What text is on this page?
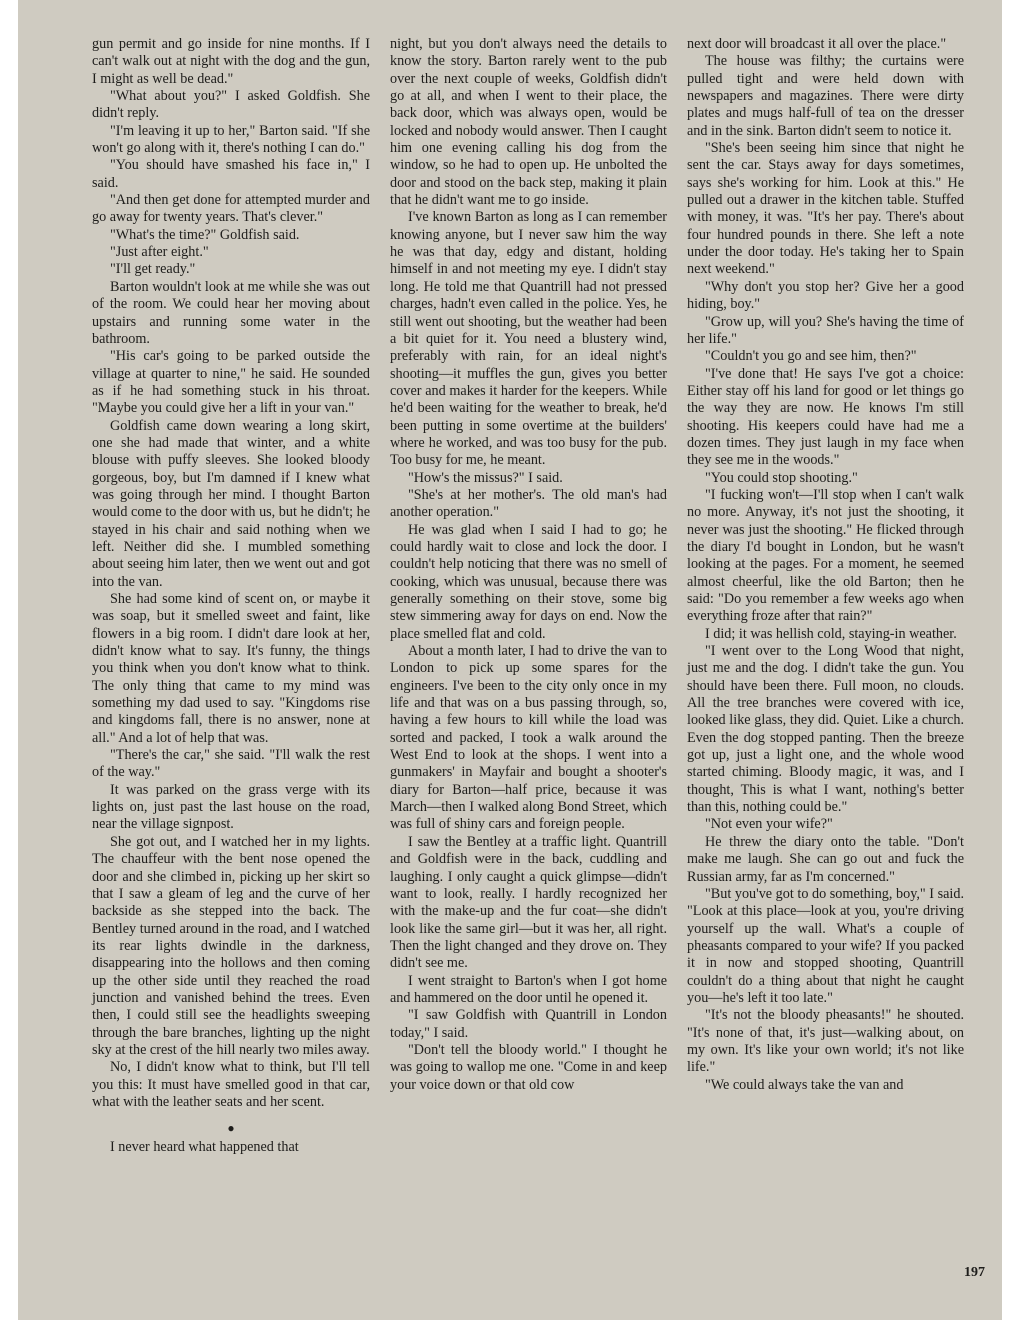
gun permit and go inside for nine months. If I can't walk out at night with the dog and the gun, I might as well be dead."

"What about you?" I asked Goldfish. She didn't reply.

"I'm leaving it up to her," Barton said. "If she won't go along with it, there's nothing I can do."

"You should have smashed his face in," I said.

"And then get done for attempted murder and go away for twenty years. That's clever."

"What's the time?" Goldfish said.

"Just after eight."

"I'll get ready."

Barton wouldn't look at me while she was out of the room. We could hear her moving about upstairs and running some water in the bathroom.

"His car's going to be parked outside the village at quarter to nine," he said. He sounded as if he had something stuck in his throat. "Maybe you could give her a lift in your van."

Goldfish came down wearing a long skirt, one she had made that winter, and a white blouse with puffy sleeves. She looked bloody gorgeous, boy, but I'm damned if I knew what was going through her mind. I thought Barton would come to the door with us, but he didn't; he stayed in his chair and said nothing when we left. Neither did she. I mumbled something about seeing him later, then we went out and got into the van.

She had some kind of scent on, or maybe it was soap, but it smelled sweet and faint, like flowers in a big room. I didn't dare look at her, didn't know what to say. It's funny, the things you think when you don't know what to think. The only thing that came to my mind was something my dad used to say. "Kingdoms rise and kingdoms fall, there is no answer, none at all." And a lot of help that was.

"There's the car," she said. "I'll walk the rest of the way."

It was parked on the grass verge with its lights on, just past the last house on the road, near the village signpost.

She got out, and I watched her in my lights. The chauffeur with the bent nose opened the door and she climbed in, picking up her skirt so that I saw a gleam of leg and the curve of her backside as she stepped into the back. The Bentley turned around in the road, and I watched its rear lights dwindle in the darkness, disappearing into the hollows and then coming up the other side until they reached the road junction and vanished behind the trees. Even then, I could still see the headlights sweeping through the bare branches, lighting up the night sky at the crest of the hill nearly two miles away.

No, I didn't know what to think, but I'll tell you this: It must have smelled good in that car, what with the leather seats and her scent.

●

I never heard what happened that

night, but you don't always need the details to know the story. Barton rarely went to the pub over the next couple of weeks, Goldfish didn't go at all, and when I went to their place, the back door, which was always open, would be locked and nobody would answer. Then I caught him one evening calling his dog from the window, so he had to open up. He unbolted the door and stood on the back step, making it plain that he didn't want me to go inside.

I've known Barton as long as I can remember knowing anyone, but I never saw him the way he was that day, edgy and distant, holding himself in and not meeting my eye. I didn't stay long. He told me that Quantrill had not pressed charges, hadn't even called in the police. Yes, he still went out shooting, but the weather had been a bit quiet for it. You need a blustery wind, preferably with rain, for an ideal night's shooting—it muffles the gun, gives you better cover and makes it harder for the keepers. While he'd been waiting for the weather to break, he'd been putting in some overtime at the builders' where he worked, and was too busy for the pub. Too busy for me, he meant.

"How's the missus?" I said.

"She's at her mother's. The old man's had another operation."

He was glad when I said I had to go; he could hardly wait to close and lock the door. I couldn't help noticing that there was no smell of cooking, which was unusual, because there was generally something on their stove, some big stew simmering away for days on end. Now the place smelled flat and cold.

About a month later, I had to drive the van to London to pick up some spares for the engineers. I've been to the city only once in my life and that was on a bus passing through, so, having a few hours to kill while the load was sorted and packed, I took a walk around the West End to look at the shops. I went into a gunmakers' in Mayfair and bought a shooter's diary for Barton—half price, because it was March—then I walked along Bond Street, which was full of shiny cars and foreign people.

I saw the Bentley at a traffic light. Quantrill and Goldfish were in the back, cuddling and laughing. I only caught a quick glimpse—didn't want to look, really. I hardly recognized her with the make-up and the fur coat—she didn't look like the same girl—but it was her, all right. Then the light changed and they drove on. They didn't see me.

I went straight to Barton's when I got home and hammered on the door until he opened it.

"I saw Goldfish with Quantrill in London today," I said.

"Don't tell the bloody world." I thought he was going to wallop me one. "Come in and keep your voice down or that old cow

next door will broadcast it all over the place."

The house was filthy; the curtains were pulled tight and were held down with newspapers and magazines. There were dirty plates and mugs half-full of tea on the dresser and in the sink. Barton didn't seem to notice it.

"She's been seeing him since that night he sent the car. Stays away for days sometimes, says she's working for him. Look at this." He pulled out a drawer in the kitchen table. Stuffed with money, it was. "It's her pay. There's about four hundred pounds in there. She left a note under the door today. He's taking her to Spain next weekend."

"Why don't you stop her? Give her a good hiding, boy."

"Grow up, will you? She's having the time of her life."

"Couldn't you go and see him, then?"

"I've done that! He says I've got a choice: Either stay off his land for good or let things go the way they are now. He knows I'm still shooting. His keepers could have had me a dozen times. They just laugh in my face when they see me in the woods."

"You could stop shooting."

"I fucking won't—I'll stop when I can't walk no more. Anyway, it's not just the shooting, it never was just the shooting." He flicked through the diary I'd bought in London, but he wasn't looking at the pages. For a moment, he seemed almost cheerful, like the old Barton; then he said: "Do you remember a few weeks ago when everything froze after that rain?"

I did; it was hellish cold, staying-in weather.

"I went over to the Long Wood that night, just me and the dog. I didn't take the gun. You should have been there. Full moon, no clouds. All the tree branches were covered with ice, looked like glass, they did. Quiet. Like a church. Even the dog stopped panting. Then the breeze got up, just a light one, and the whole wood started chiming. Bloody magic, it was, and I thought, This is what I want, nothing's better than this, nothing could be."

"Not even your wife?"

He threw the diary onto the table. "Don't make me laugh. She can go out and fuck the Russian army, far as I'm concerned."

"But you've got to do something, boy," I said. "Look at this place—look at you, you're driving yourself up the wall. What's a couple of pheasants compared to your wife? If you packed it in now and stopped shooting, Quantrill couldn't do a thing about that night he caught you—he's left it too late."

"It's not the bloody pheasants!" he shouted. "It's none of that, it's just—walking about, on my own. It's like your own world; it's not like life."

"We could always take the van and

197
